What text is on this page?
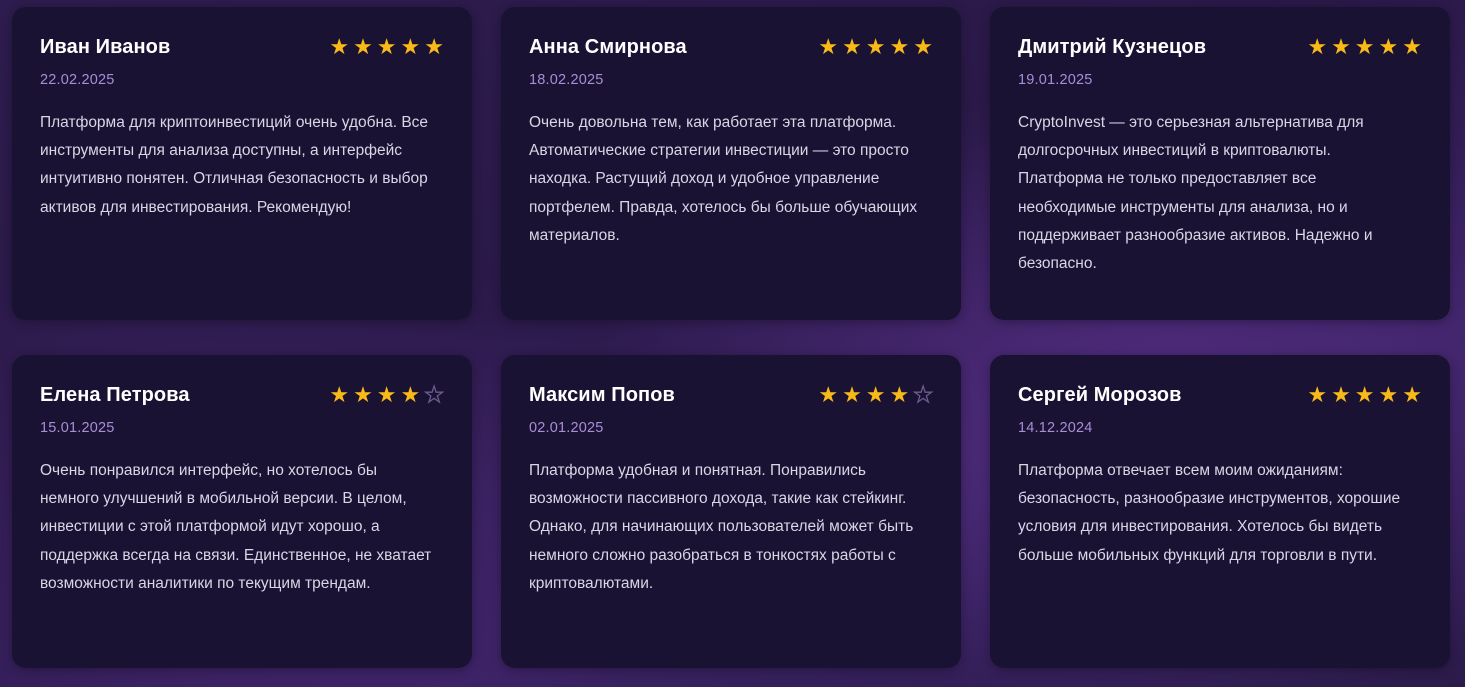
Иван Иванов	★ ★ ★ ★ ★
22.02.2025
Платформа для криптоинвестиций очень удобна. Все инструменты для анализа доступны, а интерфейс интуитивно понятен. Отличная безопасность и выбор активов для инвестирования. Рекомендую!
Анна Смирнова	★ ★ ★ ★ ★
18.02.2025
Очень довольна тем, как работает эта платформа. Автоматические стратегии инвестиции — это просто находка. Растущий доход и удобное управление портфелем. Правда, хотелось бы больше обучающих материалов.
Дмитрий Кузнецов	★ ★ ★ ★ ★
19.01.2025
CryptoInvest — это серьезная альтернатива для долгосрочных инвестиций в криптовалюты. Платформа не только предоставляет все необходимые инструменты для анализа, но и поддерживает разнообразие активов. Надежно и безопасно.
Елена Петрова	★ ★ ★ ★ ★
15.01.2025
Очень понравился интерфейс, но хотелось бы немного улучшений в мобильной версии. В целом, инвестиции с этой платформой идут хорошо, а поддержка всегда на связи. Единственное, не хватает возможности аналитики по текущим трендам.
Максим Попов	★ ★ ★ ★ ★
02.01.2025
Платформа удобная и понятная. Понравились возможности пассивного дохода, такие как стейкинг. Однако, для начинающих пользователей может быть немного сложно разобраться в тонкостях работы с криптовалютами.
Сергей Морозов	★ ★ ★ ★ ★
14.12.2024
Платформа отвечает всем моим ожиданиям: безопасность, разнообразие инструментов, хорошие условия для инвестирования. Хотелось бы видеть больше мобильных функций для торговли в пути.
